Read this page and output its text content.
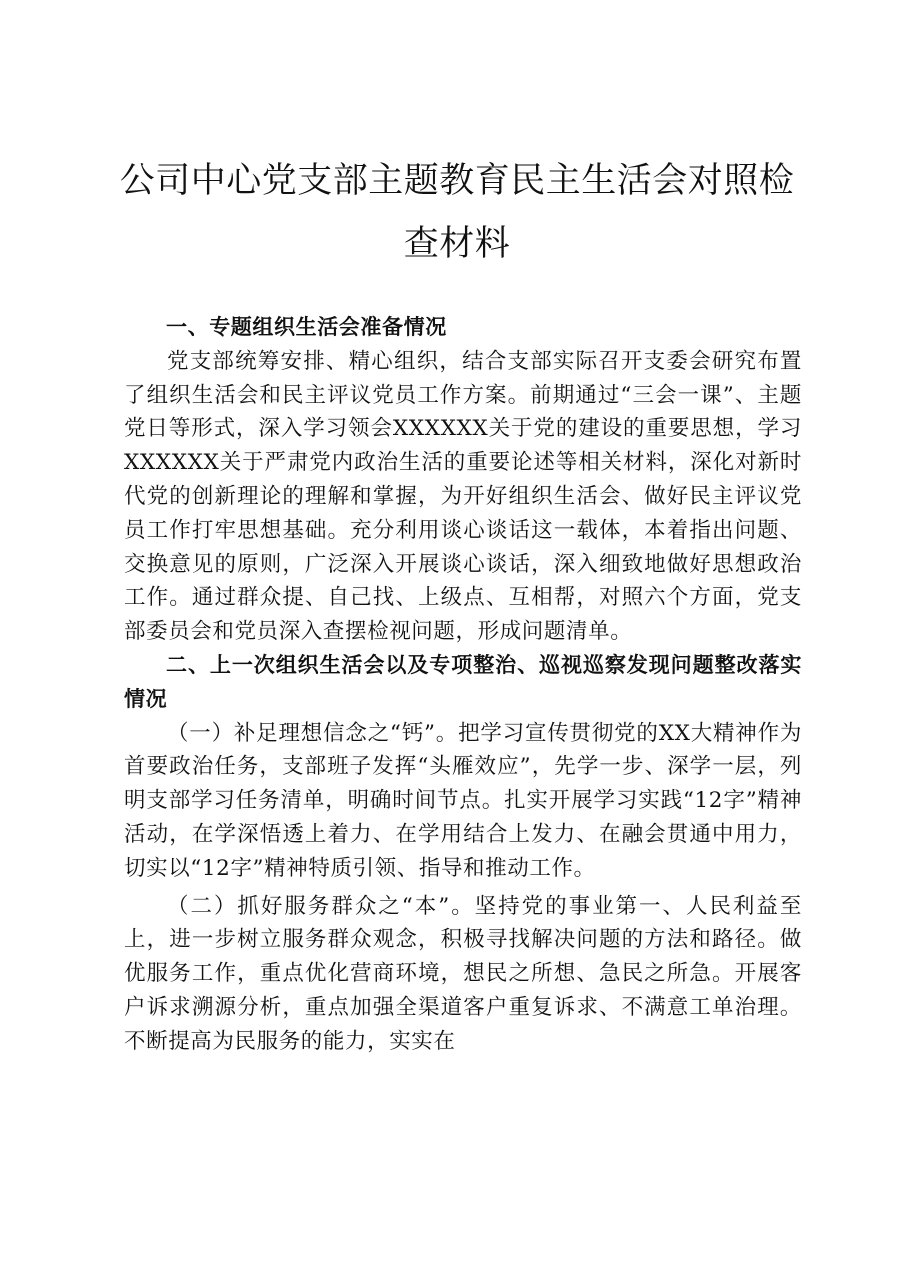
公司中心党支部主题教育民主生活会对照检查材料
一、专题组织生活会准备情况

党支部统筹安排、精心组织，结合支部实际召开支委会研究布置了组织生活会和民主评议党员工作方案。前期通过“三会一课”、主题党日等形式，深入学习领会XXXXXX关于党的建设的重要思想，学习XXXXXX关于严肃党内政治生活的重要论述等相关材料，深化对新时代党的创新理论的理解和掌握，为开好组织生活会、做好民主评议党员工作打牢思想基础。充分利用谈心谈话这一载体，本着指出问题、交换意见的原则，广泛深入开展谈心谈话，深入细致地做好思想政治工作。通过群众提、自己找、上级点、互相帮，对照六个方面，党支部委员会和党员深入查摆检视问题，形成问题清单。

二、上一次组织生活会以及专项整治、巡视巡察发现问题整改落实情况

（一）补足理想信念之“钙”。把学习宣传贯彻党的XX大精神作为首要政治任务，支部班子发挥“头雁效应”，先学一步、深学一层，列明支部学习任务清单，明确时间节点。扎实开展学习实践“12字”精神活动，在学深悟透上着力、在学用结合上发力、在融会贯通中用力，切实以“12字”精神特质引领、指导和推动工作。

（二）抓好服务群众之“本”。坚持党的事业第一、人民利益至上，进一步树立服务群众观念，积极寻找解决问题的方法和路径。做优服务工作，重点优化营商环境，想民之所想、急民之所急。开展客户诉求溯源分析，重点加强全渠道客户重复诉求、不满意工单治理。不断提高为民服务的能力，实实在
